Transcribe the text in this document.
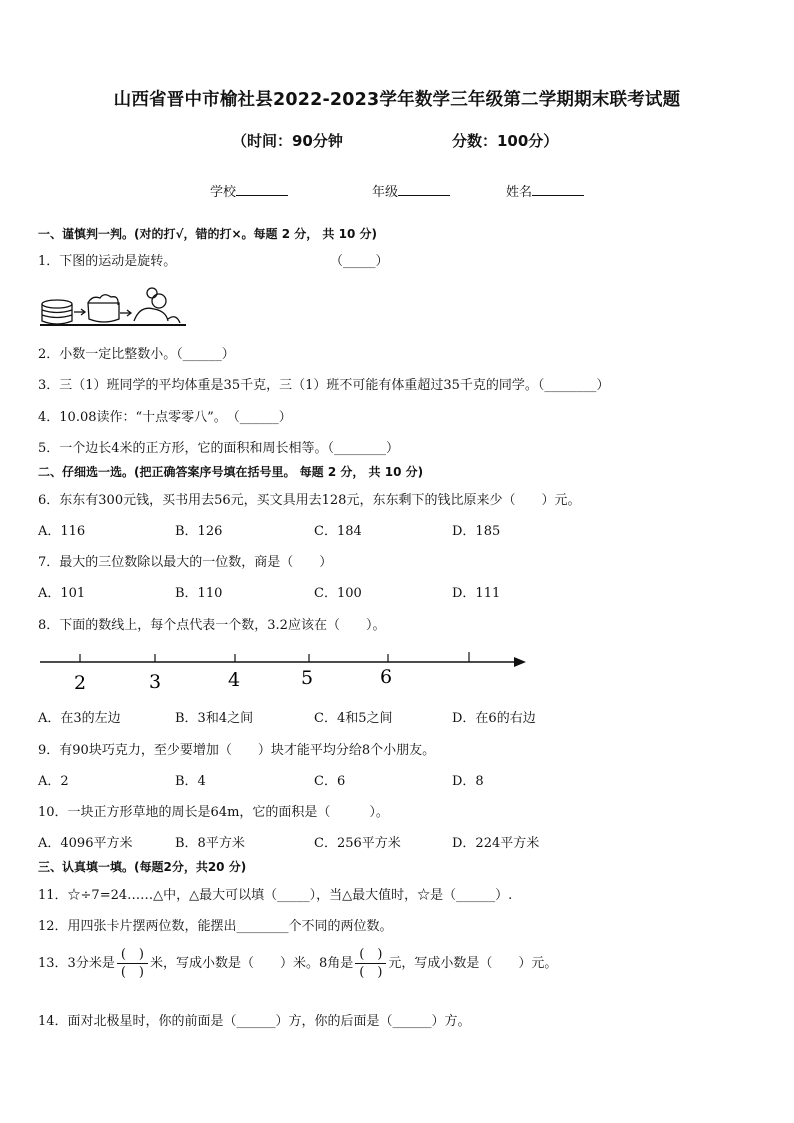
山西省晋中市榆社县2022-2023学年数学三年级第二学期期末联考试题
（时间：90分钟	分数：100分）
学校	年级	姓名
一、谨慎判一判。(对的打√，错的打×。每题 2 分， 共 10 分)
1．下图的运动是旋转。	（_____）
2．小数一定比整数小。（______）
3．三（1）班同学的平均体重是35千克，三（1）班不可能有体重超过35千克的同学。（________）
4．10.08读作：“十点零零八”。　（______）
5．一个边长4米的正方形，它的面积和周长相等。（________）
二、仔细选一选。(把正确答案序号填在括号里。 每题 2 分， 共 10 分)
6．东东有300元钱，买书用去56元，买文具用去128元，东东剩下的钱比原来少（　　）元。
A．116	B．126	C．184	D．185
7．最大的三位数除以最大的一位数，商是（　　）
A．101	B．110	C．100	D．111
8．下面的数线上，每个点代表一个数，3.2应该在（　　）。
2	3	4	5	6
A．在3的左边	B．3和4之间	C．4和5之间	D．在6的右边
9．有90块巧克力，至少要增加（　　）块才能平均分给8个小朋友。
A．2	B．4	C．6	D．8
10．一块正方形草地的周长是64m，它的面积是（　　　）。
A．4096平方米	B．8平方米	C．256平方米	D．224平方米
三、认真填一填。(每题2分，共20 分)
11．☆÷7=24……△中，△最大可以填（_____），当△最大值时，☆是（______）.
12．用四张卡片摆两位数，能摆出________个不同的两位数。
13．3分米是 $\frac{( )}{( )}$ 米，写成小数是（　　）米。8角是 $\frac{( )}{( )}$ 元，写成小数是（　　）元。
14．面对北极星时，你的前面是（______）方，你的后面是（______）方。
